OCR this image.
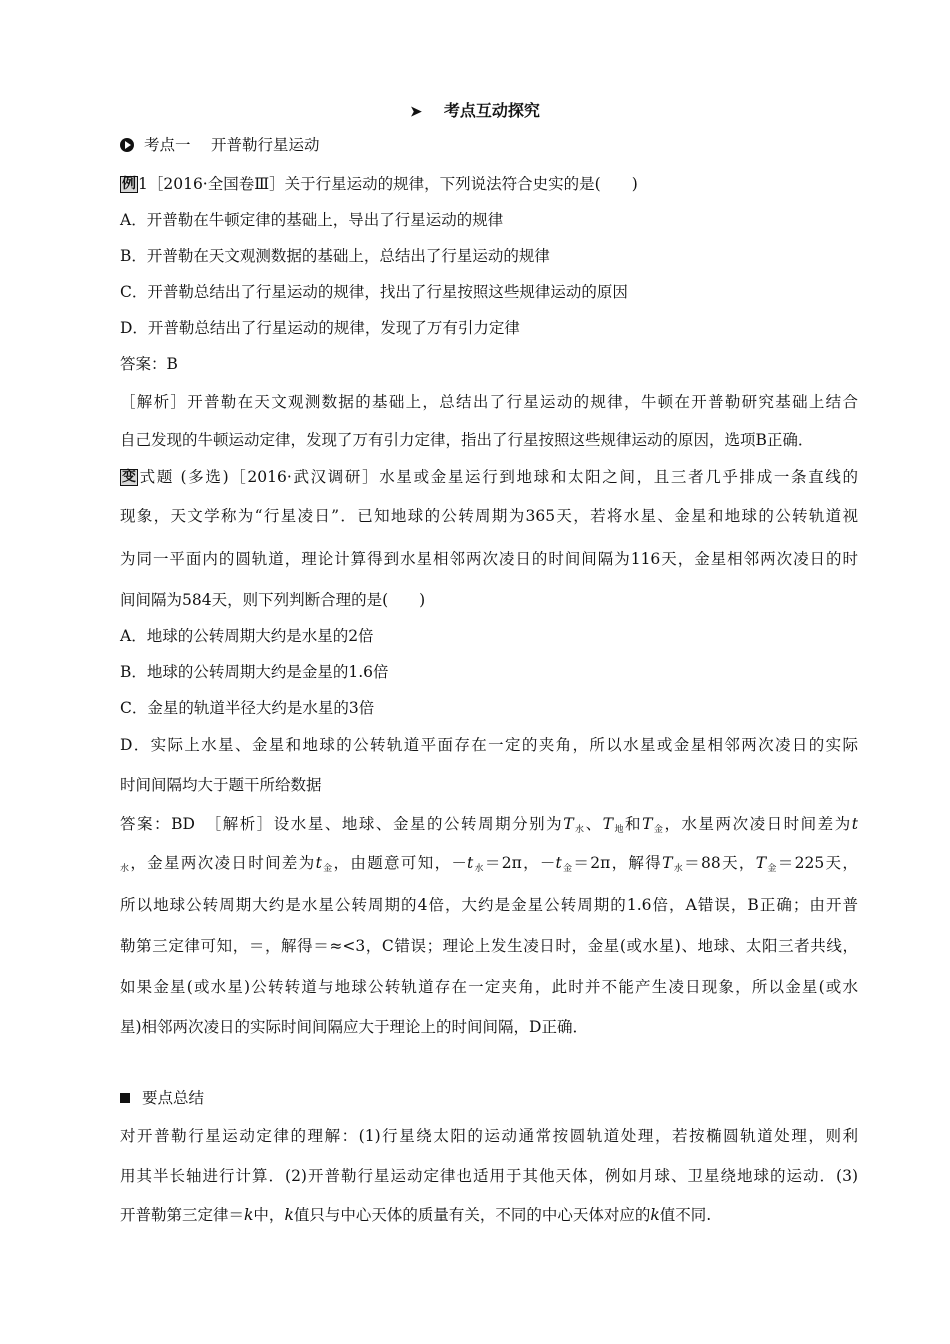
➤ 考点互动探究
考点一　 开普勒行星运动
例 1［2016·全国卷Ⅲ］关于行星运动的规律，下列说法符合史实的是(　　)
A．开普勒在牛顿定律的基础上，导出了行星运动的规律
B．开普勒在天文观测数据的基础上，总结出了行星运动的规律
C．开普勒总结出了行星运动的规律，找出了行星按照这些规律运动的原因
D．开普勒总结出了行星运动的规律，发现了万有引力定律
答案：B
［解析］开普勒在天文观测数据的基础上，总结出了行星运动的规律，牛顿在开普勒研究基础上结合
自己发现的牛顿运动定律，发现了万有引力定律，指出了行星按照这些规律运动的原因，选项B正确．
变 式题 (多选)［2016·武汉调研］水星或金星运行到地球和太阳之间，且三者几乎排成一条直线的
现象，天文学称为“行星凌日”．已知地球的公转周期为365天，若将水星、金星和地球的公转轨道视
为同一平面内的圆轨道，理论计算得到水星相邻两次凌日的时间间隔为116天，金星相邻两次凌日的时
间间隔为584天，则下列判断合理的是(　　)
A．地球的公转周期大约是水星的2倍
B．地球的公转周期大约是金星的1.6倍
C．金星的轨道半径大约是水星的3倍
D．实际上水星、金星和地球的公转轨道平面存在一定的夹角，所以水星或金星相邻两次凌日的实际
时间间隔均大于题干所给数据
答案：BD　［解析］设水星、地球、金星的公转周期分别为$T_水$、$T_地$和$T_金$，水星两次凌日时间差为t
$_水$，金星两次凌日时间差为$t_金$，由题意可知，$-t_水=2\pi$，$-t_金=2\pi$，解得$T_水=88$天，$T_金=225$天，
所以地球公转周期大约是水星公转周期的4倍，大约是金星公转周期的1.6倍，A错误，B正确；由开普
勒第三定律可知，＝，解得＝≈<3，C错误；理论上发生凌日时，金星(或水星)、地球、太阳三者共线，
如果金星(或水星)公转转道与地球公转轨道存在一定夹角，此时并不能产生凌日现象，所以金星(或水
星)相邻两次凌日的实际时间间隔应大于理论上的时间间隔，D正确．
要点总结
对开普勒行星运动定律的理解：(1)行星绕太阳的运动通常按圆轨道处理，若按椭圆轨道处理，则利
用其半长轴进行计算．(2)开普勒行星运动定律也适用于其他天体，例如月球、卫星绕地球的运动．(3)
开普勒第三定律＝k中，k值只与中心天体的质量有关，不同的中心天体对应的k值不同.
